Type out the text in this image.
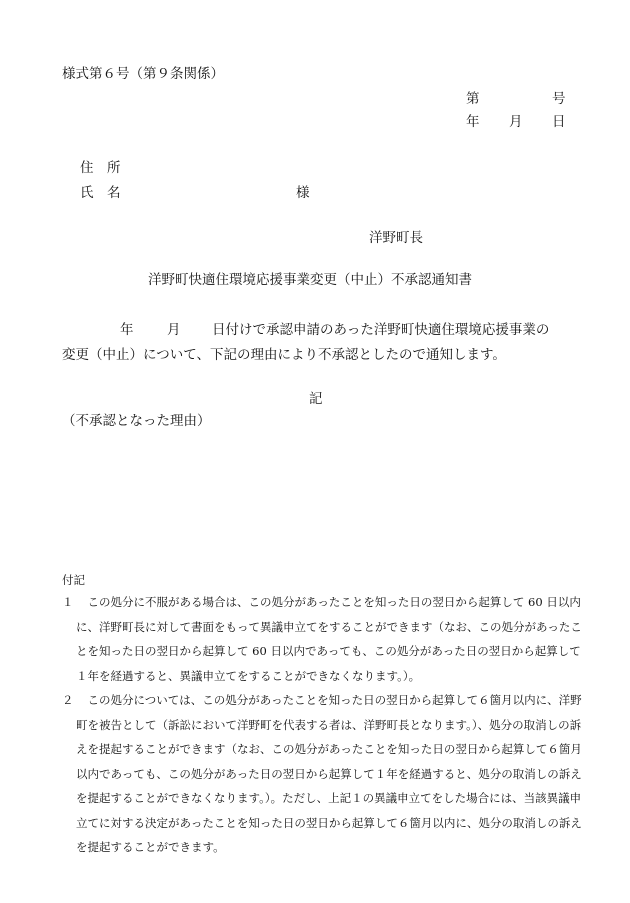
様式第６号（第９条関係）
第	号
年 月 日
住　所
氏　名	様
洋野町長
洋野町快適住環境応援事業変更（中止）不承認通知書
年 月 日付けで承認申請のあった洋野町快適住環境応援事業の
変更（中止）について、下記の理由により不承認としたので通知します。
記
（不承認となった理由）
付記
１ 　この処分に不服がある場合は、この処分があったことを知った日の翌日から起算して 60 日以内に、洋野町長に対して書面をもって異議申立てをすることができます（なお、この処分があったことを知った日の翌日から起算して 60 日以内であっても、この処分があった日の翌日から起算して１年を経過すると、異議申立てをすることができなくなります。）。
２ 　この処分については、この処分があったことを知った日の翌日から起算して６箇月以内に、洋野町を被告として（訴訟において洋野町を代表する者は、洋野町長となります。）、処分の取消しの訴えを提起することができます（なお、この処分があったことを知った日の翌日から起算して６箇月以内であっても、この処分があった日の翌日から起算して１年を経過すると、処分の取消しの訴えを提起することができなくなります。）。ただし、上記１の異議申立てをした場合には、当該異議申立てに対する決定があったことを知った日の翌日から起算して６箇月以内に、処分の取消しの訴えを提起することができます。
